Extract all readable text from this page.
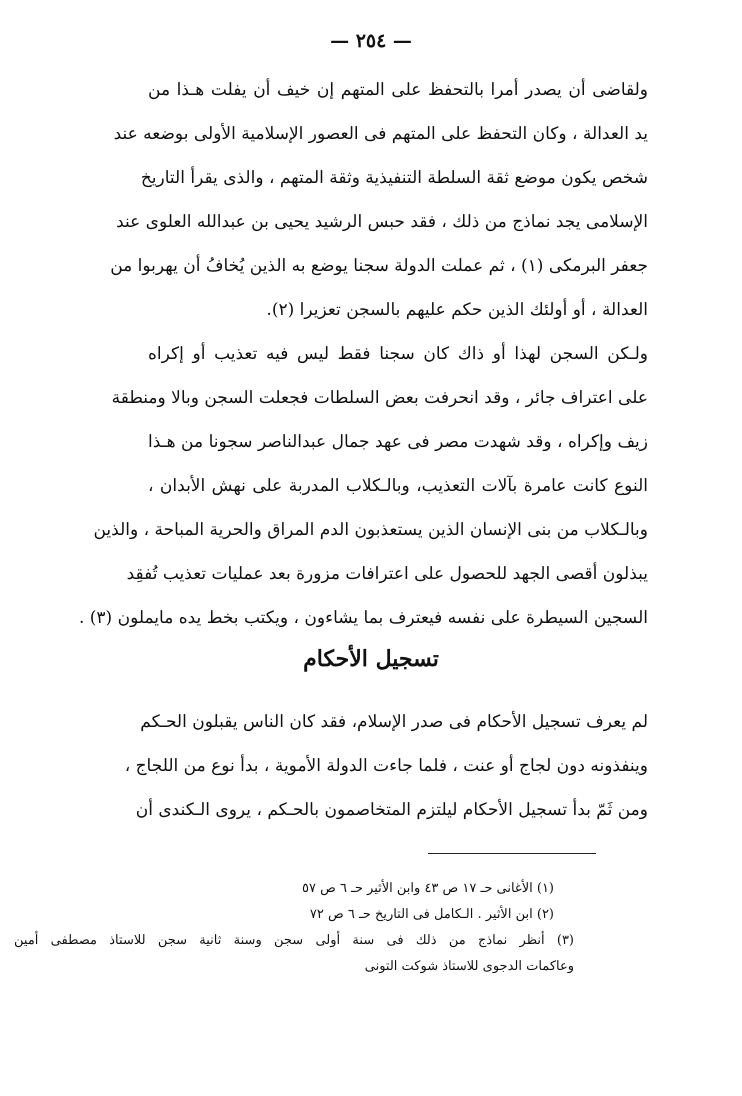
— ٢٥٤ —
ولقاضى أن يصدر أمرا بالتحفظ على المتهم إن خيف أن يفلت هـذا من
يد العدالة ، وكان التحفظ على المتهم فى العصور الإسلامية الأولى بوضعه عند
شخص يكون موضع ثقة السلطة التنفيذية وثقة المتهم ، والذى يقرأ التاريخ
الإسلامى يجد نماذج من ذلك ، فقد حبس الرشيد يحيى بن عبدالله العلوى عند
جعفر البرمكى (١) ، ثم عملت الدولة سجنا يوضع به الذين يُخافُ أن يهربوا من
العدالة ، أو أولئك الذين حكم عليهم بالسجن تعزيرا (٢).
ولـكن السجن لهذا أو ذاك كان سجنا فقط ليس فيه تعذيب أو إكراه
على اعتراف جائر ، وقد انحرفت بعض السلطات فجعلت السجن وبالا ومنطقة
زيف وإكراه ، وقد شهدت مصر فى عهد جمال عبدالناصر سجونا من هـذا
النوع كانت عامرة بآلات التعذيب، وبالـكلاب المدربة على نهش الأبدان ،
وبالـكلاب من بنى الإنسان الذين يستعذبون الدم المراق والحرية المباحة ، والذين
يبذلون أقصى الجهد للحصول على اعترافات مزورة بعد عمليات تعذيب تُفقِد
السجين السيطرة على نفسه فيعترف بما يشاءون ، ويكتب بخط يده مايملون (٣) .
تسجيل الأحكام
لم يعرف تسجيل الأحكام فى صدر الإسلام، فقد كان الناس يقبلون الحـكم
وينفذونه دون لجاج أو عنت ، فلما جاءت الدولة الأموية ، بدأ نوع من اللجاج ،
ومن ثَمّ بدأ تسجيل الأحكام ليلتزم المتخاصمون بالحـكم ، يروى الـكندى أن
(١) الأغانى حـ ١٧ ص ٤٣ وابن الأثير حـ ٦ ص ٥٧
(٢) ابن الأثير . الـكامل فى التاريخ حـ ٦ ص ٧٢
(٣) أنظر نماذج من ذلك فى سنة أولى سجن وسنة ثانية سجن للاستاذ مصطفى أمين
وعاكمات الدجوى للاستاذ شوكت التونى
